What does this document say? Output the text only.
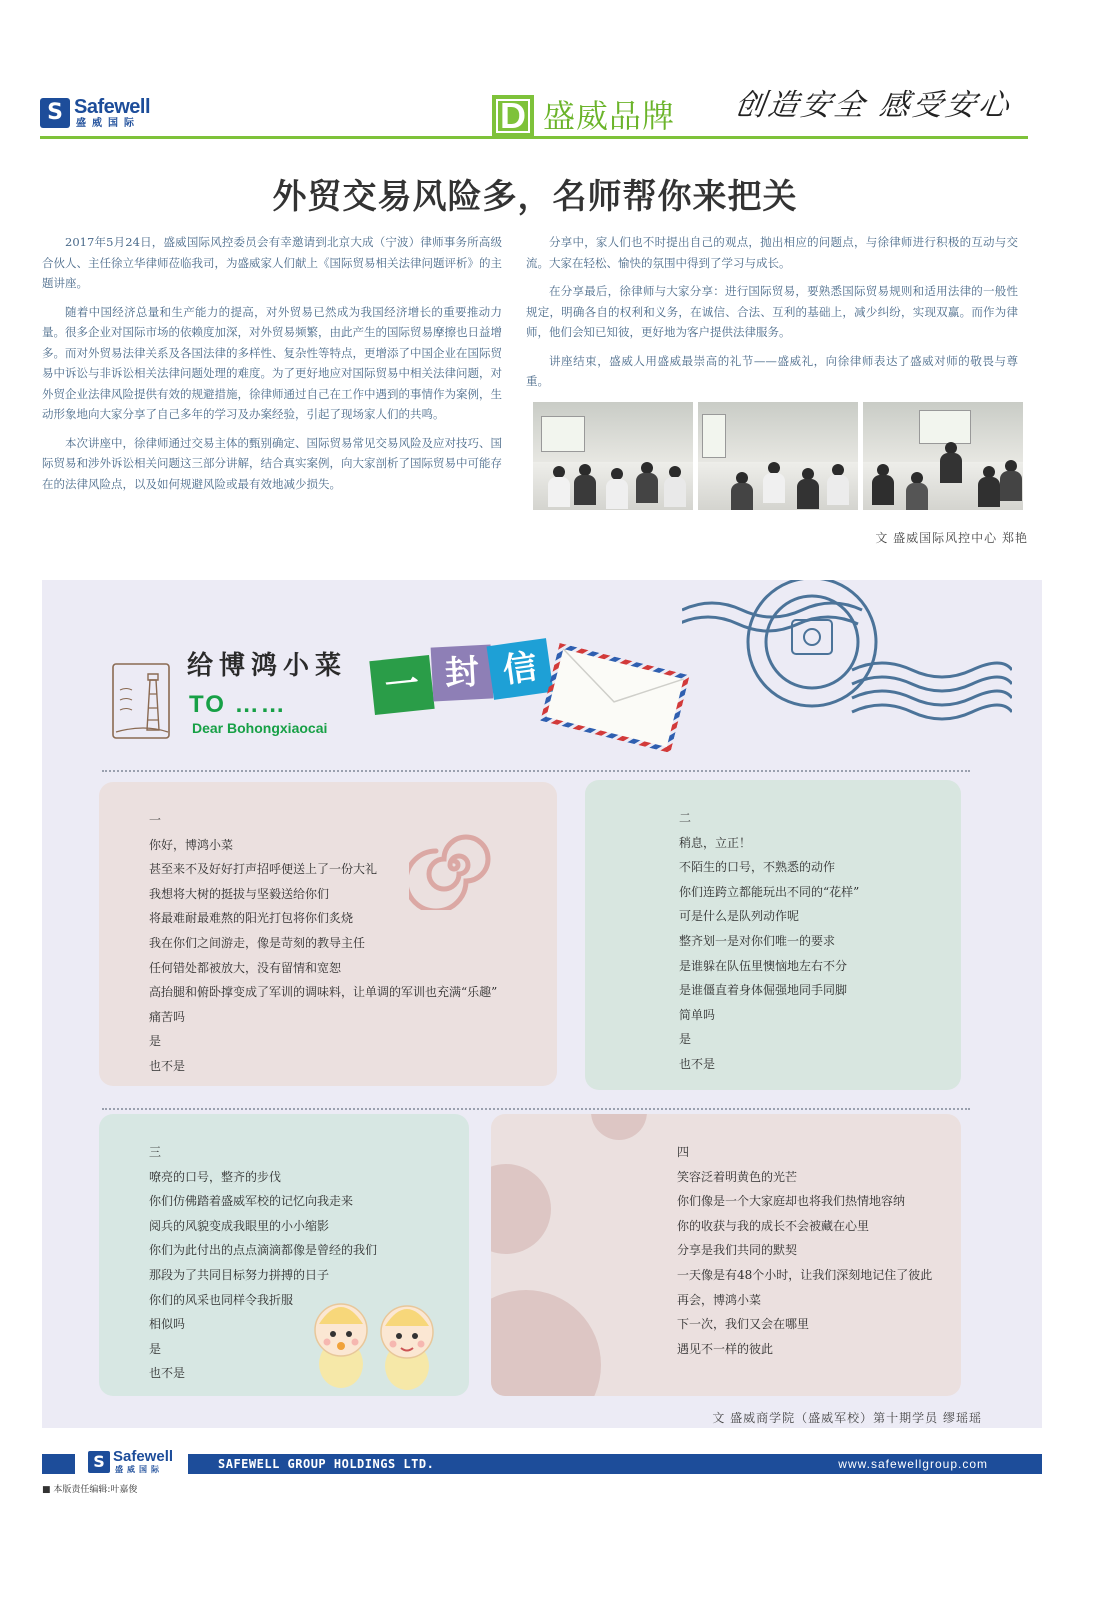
S Safewell
盛威国际	D 盛威品牌 创造安全 感受安心
外贸交易风险多，名师帮你来把关

2017年5月24日，盛威国际风控委员会有幸邀请到北京大成（宁波）律师事务所高级合伙人、主任徐立华律师莅临我司，为盛威家人们献上《国际贸易相关法律问题评析》的主题讲座。

随着中国经济总量和生产能力的提高，对外贸易已然成为我国经济增长的重要推动力量。很多企业对国际市场的依赖度加深，对外贸易频繁，由此产生的国际贸易摩擦也日益增多。而对外贸易法律关系及各国法律的多样性、复杂性等特点，更增添了中国企业在国际贸易中诉讼与非诉讼相关法律问题处理的难度。为了更好地应对国际贸易中相关法律问题，对外贸企业法律风险提供有效的规避措施，徐律师通过自己在工作中遇到的事情作为案例，生动形象地向大家分享了自己多年的学习及办案经验，引起了现场家人们的共鸣。

本次讲座中，徐律师通过交易主体的甄别确定、国际贸易常见交易风险及应对技巧、国际贸易和涉外诉讼相关问题这三部分讲解，结合真实案例，向大家剖析了国际贸易中可能存在的法律风险点，以及如何规避风险或最有效地减少损失。

分享中，家人们也不时提出自己的观点，抛出相应的问题点，与徐律师进行积极的互动与交流。大家在轻松、愉快的氛围中得到了学习与成长。

在分享最后，徐律师与大家分享：进行国际贸易，要熟悉国际贸易规则和适用法律的一般性规定，明确各自的权利和义务，在诚信、合法、互利的基础上，减少纠纷，实现双赢。而作为律师，他们会知已知彼，更好地为客户提供法律服务。

讲座结束，盛威人用盛威最崇高的礼节——盛威礼，向徐律师表达了盛威对师的敬畏与尊重。

文 盛威国际风控中心 郑艳
给博鸿小菜	一 封 信
TO ……
Dear Bohongxiaocai
一
你好，博鸿小菜
甚至来不及好好打声招呼便送上了一份大礼
我想将大树的挺拔与坚毅送给你们
将最难耐最难熬的阳光打包将你们炙烧
我在你们之间游走，像是苛刻的教导主任
任何错处都被放大，没有留情和宽恕
高抬腿和俯卧撑变成了军训的调味料，让单调的军训也充满“乐趣”
痛苦吗
是
也不是
二
稍息，立正！
不陌生的口号，不熟悉的动作
你们连跨立都能玩出不同的“花样”
可是什么是队列动作呢
整齐划一是对你们唯一的要求
是谁躲在队伍里懊恼地左右不分
是谁僵直着身体倔强地同手同脚
简单吗
是
也不是
三
嘹亮的口号，整齐的步伐
你们仿佛踏着盛威军校的记忆向我走来
阅兵的风貌变成我眼里的小小缩影
你们为此付出的点点滴滴都像是曾经的我们
那段为了共同目标努力拼搏的日子
你们的风采也同样令我折服
相似吗
是
也不是
四
笑容泛着明黄色的光芒
你们像是一个大家庭却也将我们热情地容纳
你的收获与我的成长不会被藏在心里
分享是我们共同的默契
一天像是有48个小时，让我们深刻地记住了彼此
再会，博鸿小菜
下一次，我们又会在哪里
遇见不一样的彼此
文 盛威商学院（盛威军校）第十期学员 缪瑶瑶
S Safewell
盛威国际	SAFEWELL GROUP HOLDINGS LTD.	www.safewellgroup.com
■ 本版责任编辑:叶嘉俊
